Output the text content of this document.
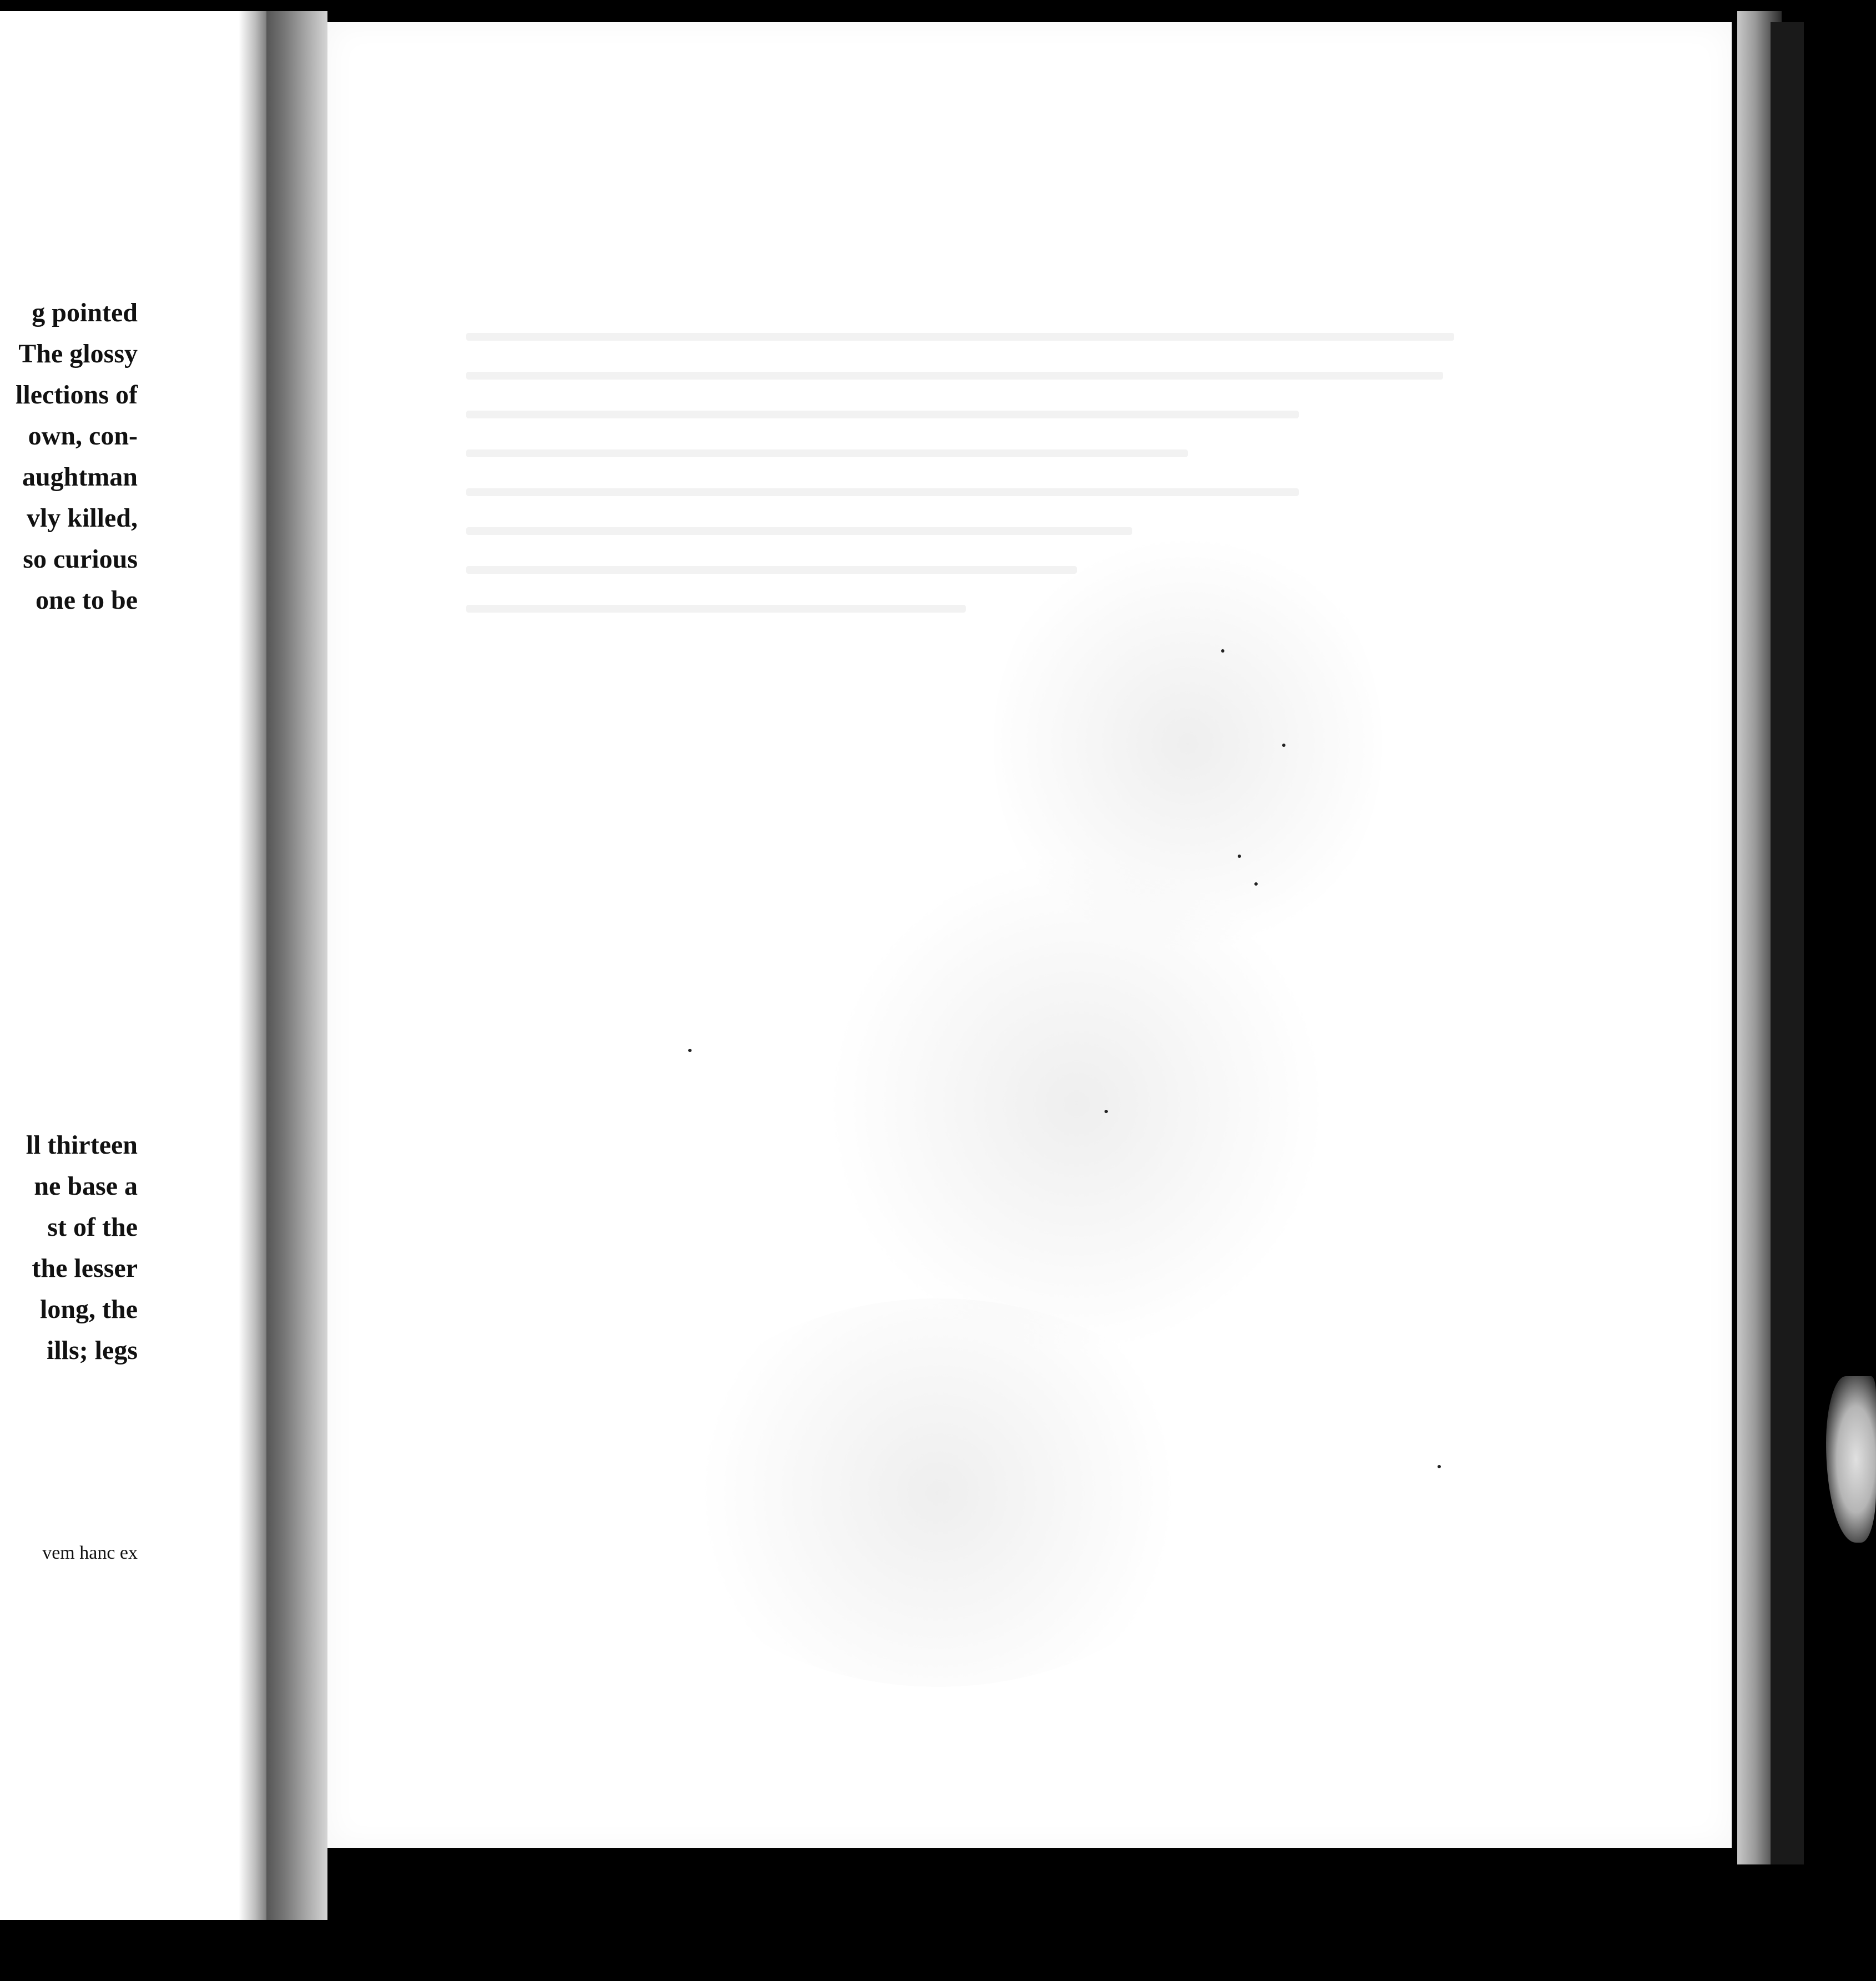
g pointed
The glossy
llections of
own, con-
aughtman
vly killed,
so curious
one to be
ll thirteen
ne base a
st of the
the lesser
long, the
ills; legs
vem hanc ex
